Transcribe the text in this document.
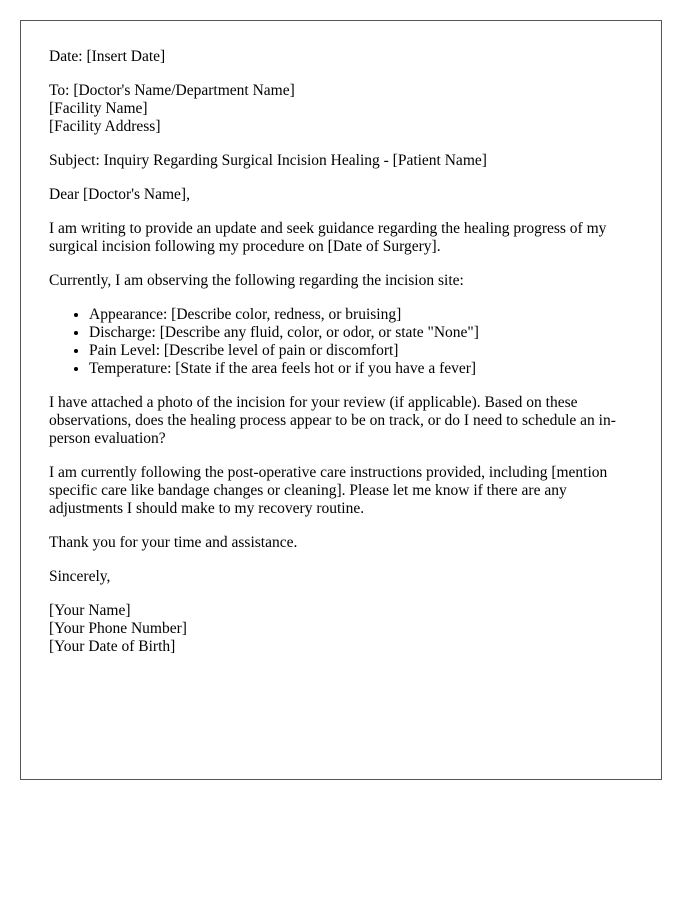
Date: [Insert Date]

To: [Doctor's Name/Department Name]
[Facility Name]
[Facility Address]

Subject: Inquiry Regarding Surgical Incision Healing - [Patient Name]

Dear [Doctor's Name],

I am writing to provide an update and seek guidance regarding the healing progress of my surgical incision following my procedure on [Date of Surgery].

Currently, I am observing the following regarding the incision site:

• Appearance: [Describe color, redness, or bruising]
• Discharge: [Describe any fluid, color, or odor, or state "None"]
• Pain Level: [Describe level of pain or discomfort]
• Temperature: [State if the area feels hot or if you have a fever]

I have attached a photo of the incision for your review (if applicable). Based on these observations, does the healing process appear to be on track, or do I need to schedule an in-person evaluation?

I am currently following the post-operative care instructions provided, including [mention specific care like bandage changes or cleaning]. Please let me know if there are any adjustments I should make to my recovery routine.

Thank you for your time and assistance.

Sincerely,

[Your Name]
[Your Phone Number]
[Your Date of Birth]
